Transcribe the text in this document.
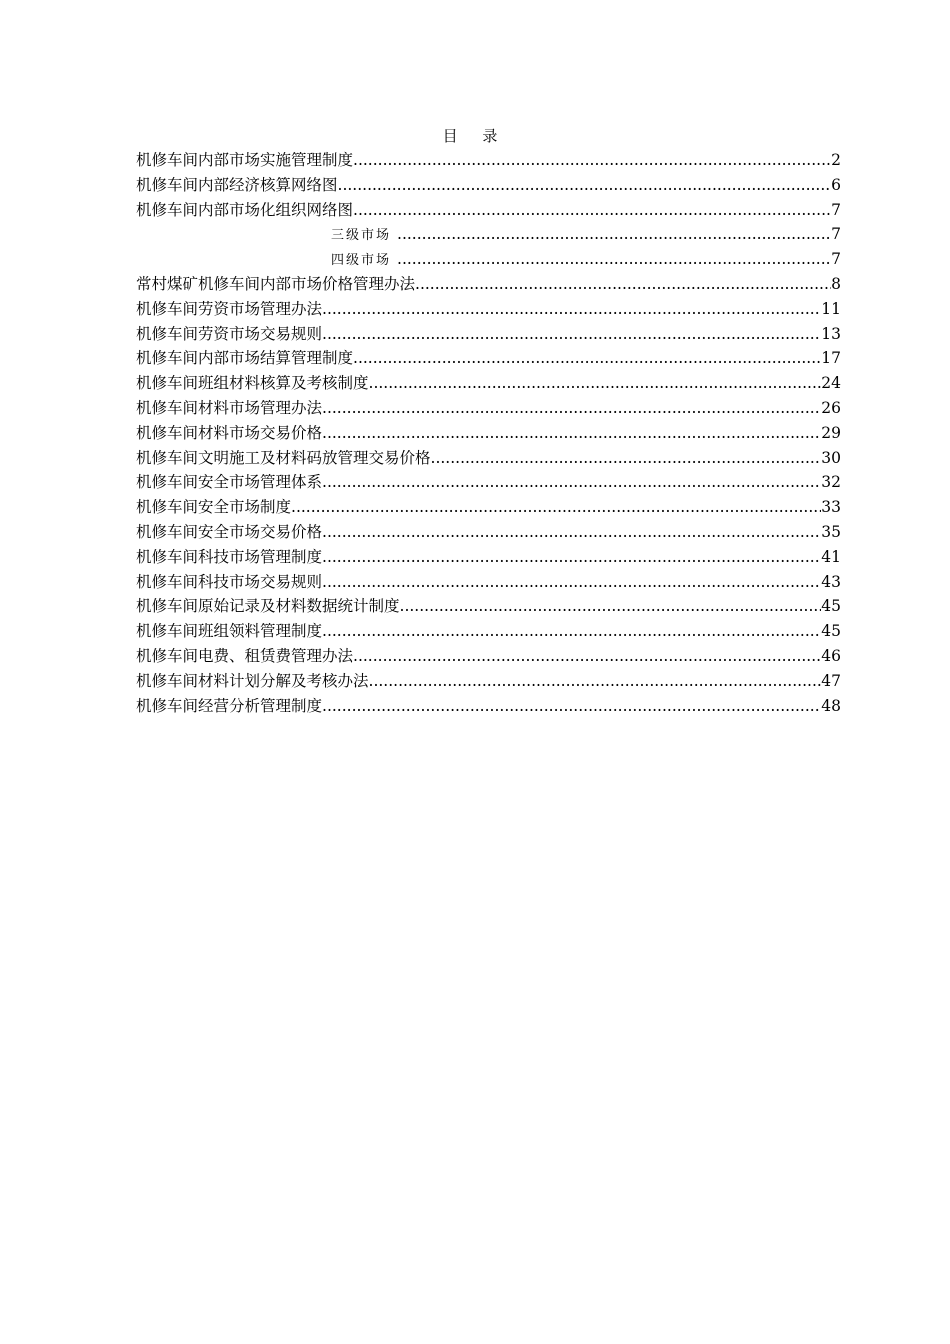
目 录
机修车间内部市场实施管理制度 .....	2
机修车间内部经济核算网络图 .....	6
机修车间内部市场化组织网络图 .....	7
三级市场 .....	7
四级市场 .....	7
常村煤矿机修车间内部市场价格管理办法 .....	8
机修车间劳资市场管理办法 .....	11
机修车间劳资市场交易规则 .....	13
机修车间内部市场结算管理制度 .....	17
机修车间班组材料核算及考核制度 .....	24
机修车间材料市场管理办法 .....	26
机修车间材料市场交易价格 .....	29
机修车间文明施工及材料码放管理交易价格 .....	30
机修车间安全市场管理体系 .....	32
机修车间安全市场制度 .....	33
机修车间安全市场交易价格 .....	35
机修车间科技市场管理制度 .....	41
机修车间科技市场交易规则 .....	43
机修车间原始记录及材料数据统计制度 .....	45
机修车间班组领料管理制度 .....	45
机修车间电费、租赁费管理办法 .....	46
机修车间材料计划分解及考核办法 .....	47
机修车间经营分析管理制度 .....	48
